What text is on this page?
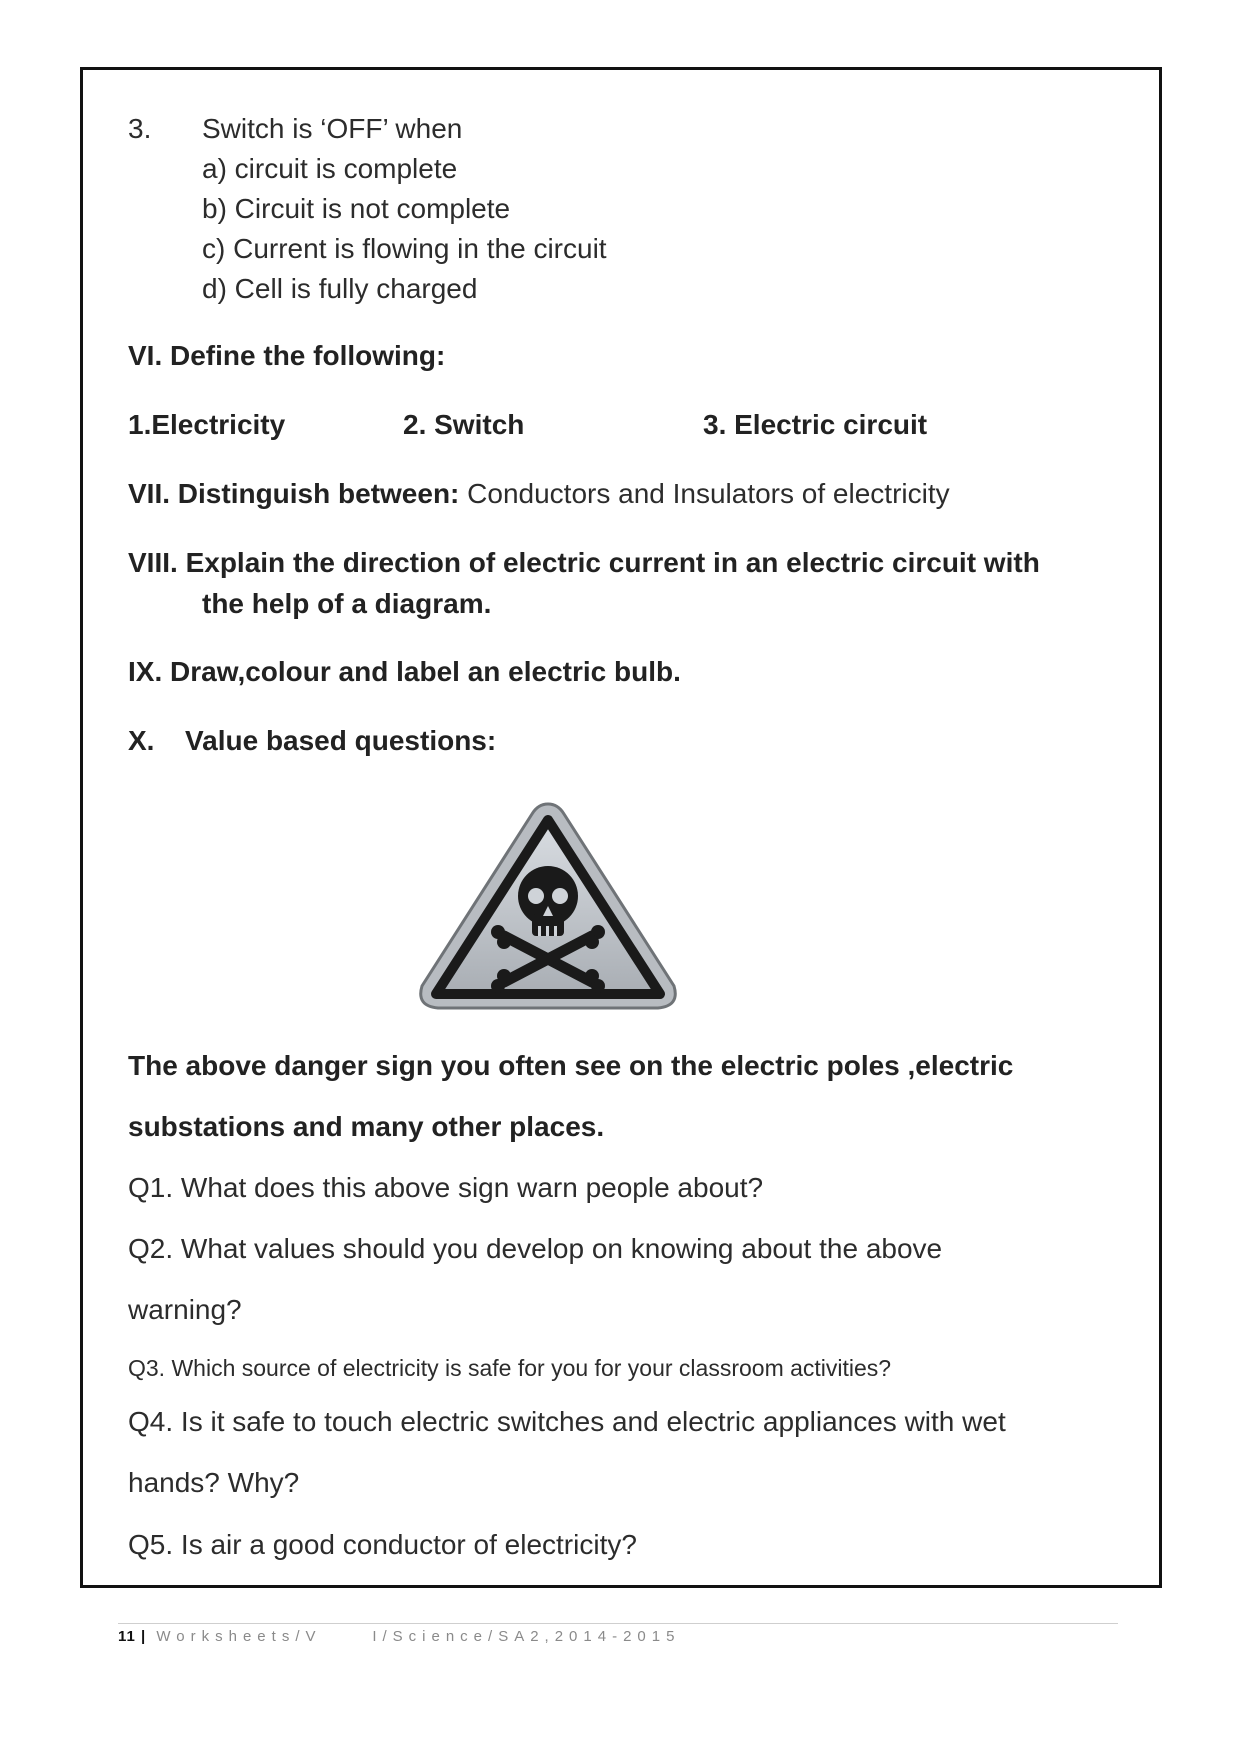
3. Switch is ‘OFF’ when
a) circuit is complete
b) Circuit is not complete
c) Current is flowing in the circuit
d) Cell is fully charged
VI. Define the following:
1.Electricity	2. Switch	3. Electric circuit
VII. Distinguish between: Conductors and Insulators of electricity
VIII. Explain the direction of electric current in an electric circuit with
the help of a diagram.
IX. Draw,colour and label an electric bulb.
X. Value based questions:
The above danger sign you often see on the electric poles ,electric
substations and many other places.
Q1. What does this above sign warn people about?
Q2. What values should you develop on knowing about the above
warning?
Q3. Which source of electricity is safe for you for your classroom activities?
Q4. Is it safe to touch electric switches and electric appliances with wet
hands? Why?
Q5. Is air a good conductor of electricity?
11 | Worksheets/V     I/Science/SA2,2014-2015
